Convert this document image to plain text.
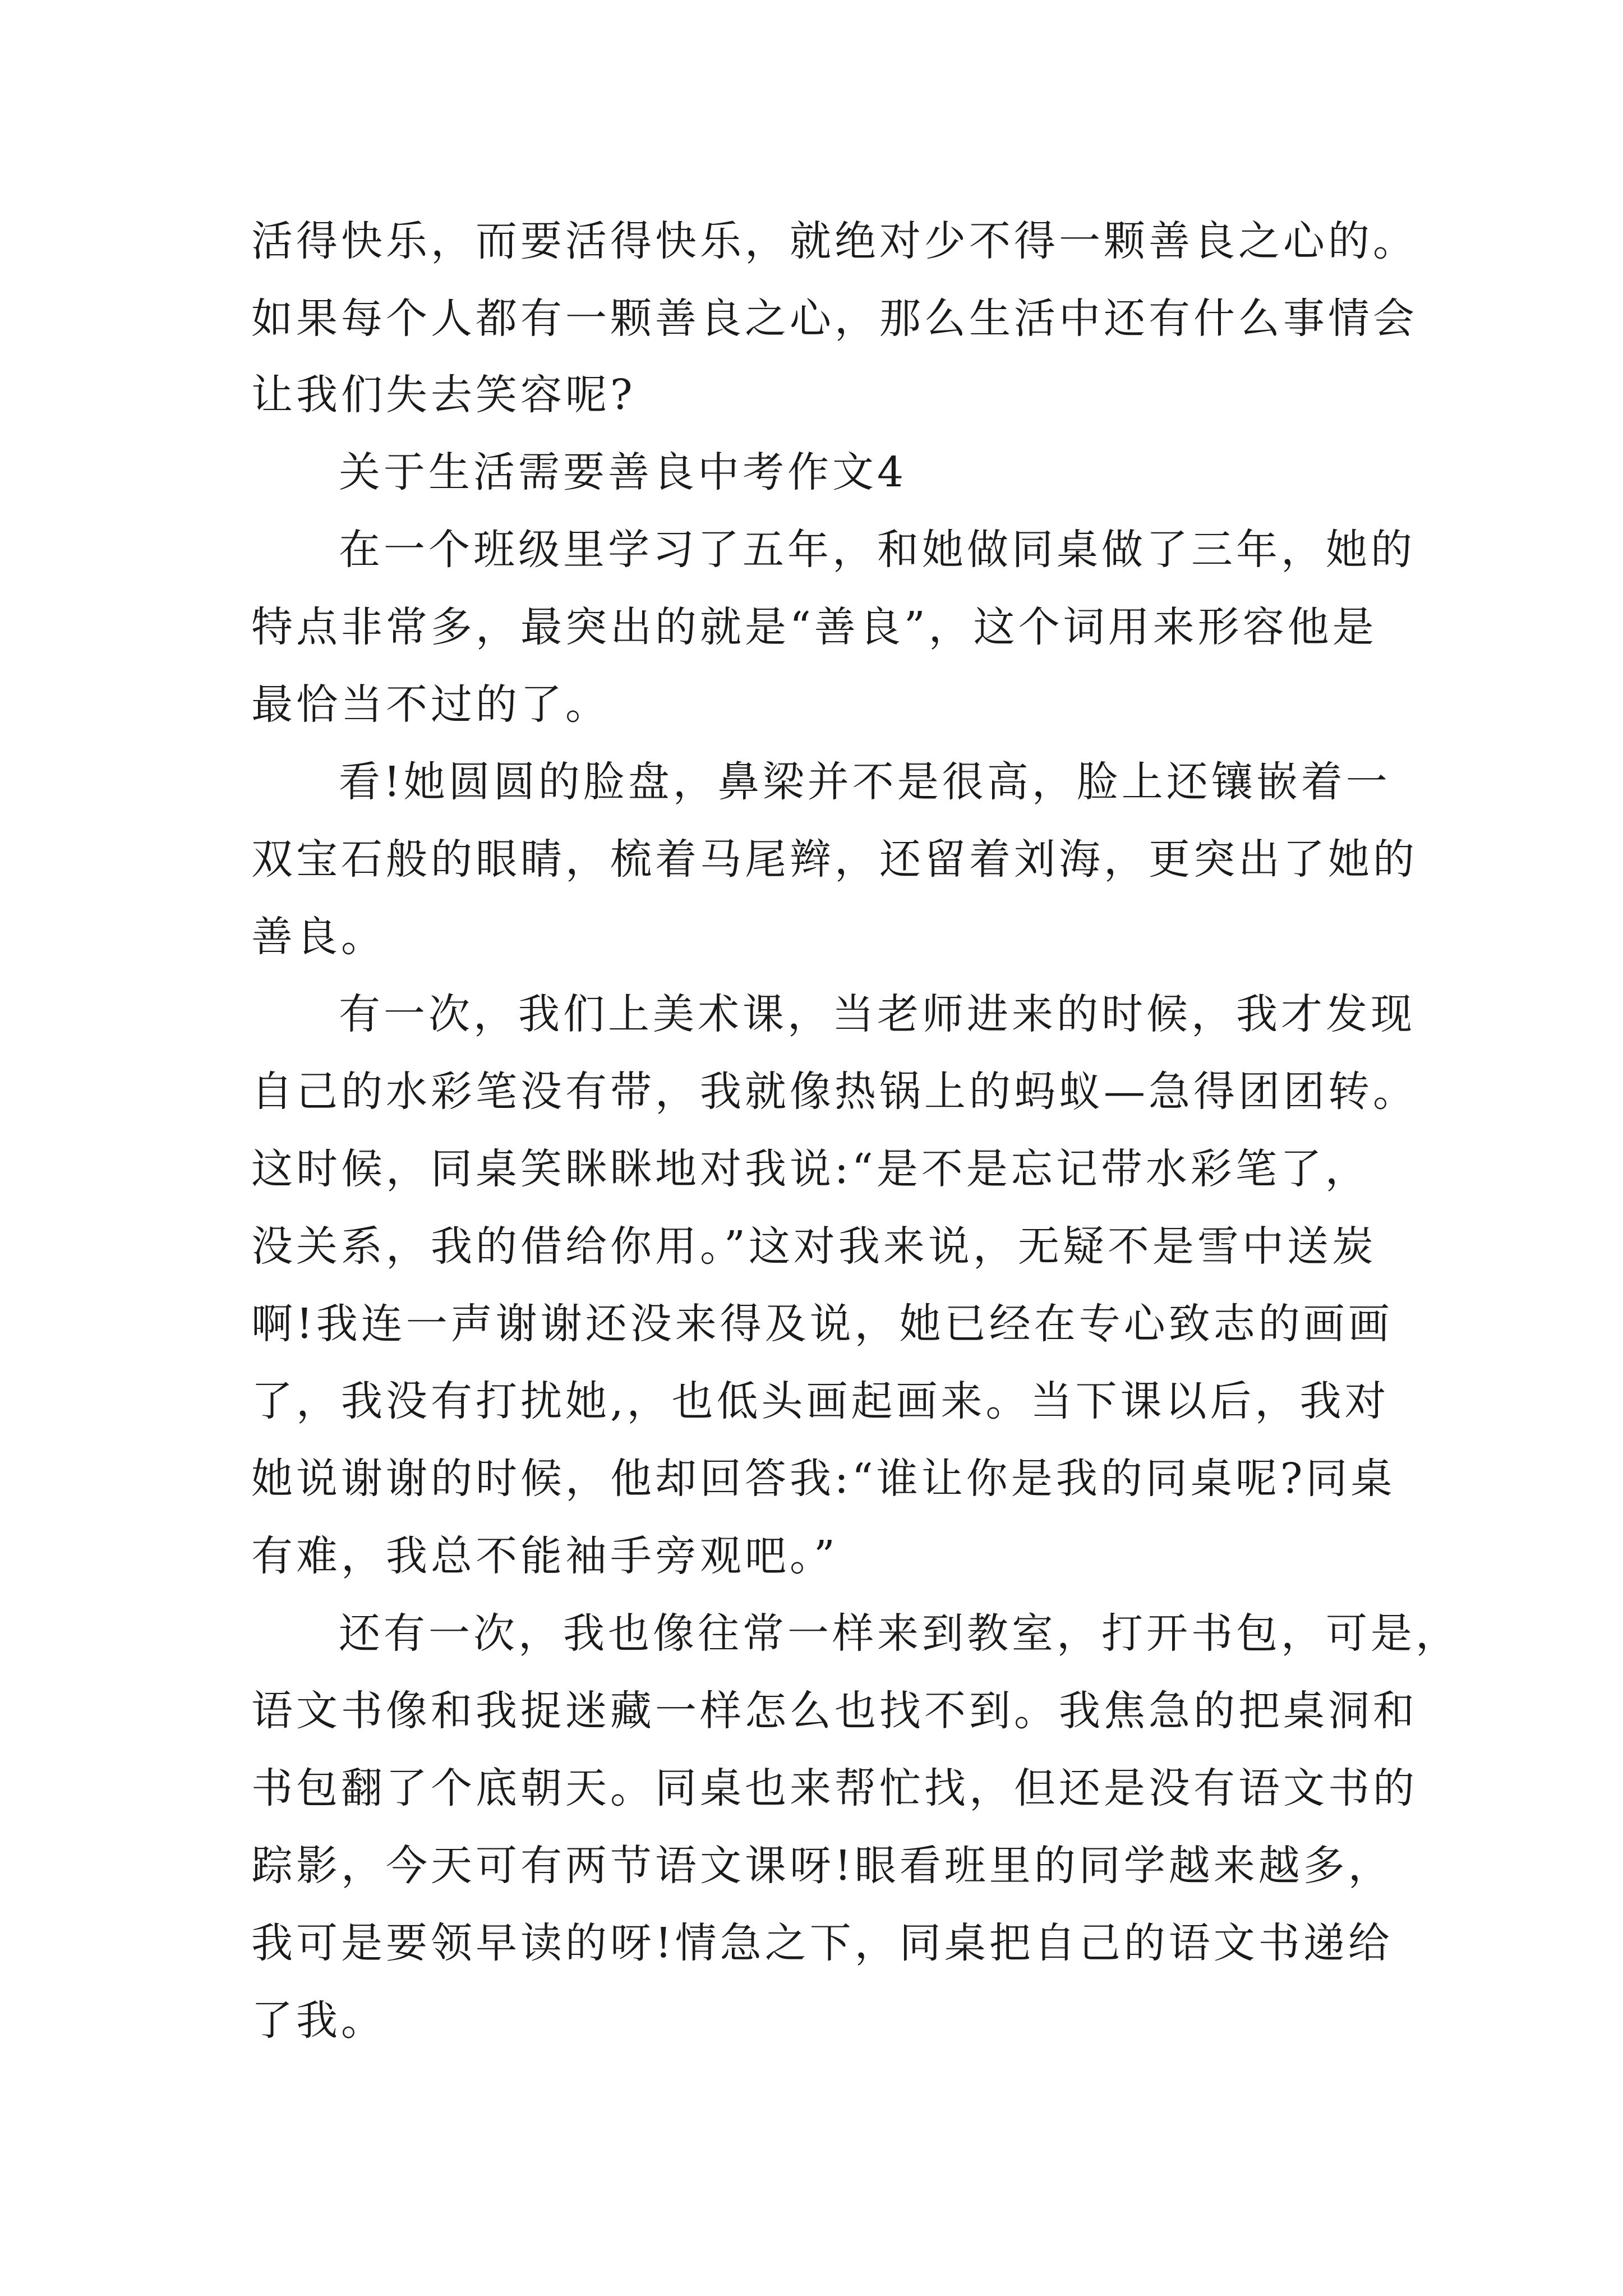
活得快乐，而要活得快乐，就绝对少不得一颗善良之心的。
如果每个人都有一颗善良之心，那么生活中还有什么事情会
让我们失去笑容呢?
关于生活需要善良中考作文4
在一个班级里学习了五年，和她做同桌做了三年，她的
特点非常多，最突出的就是“善良”，这个词用来形容他是
最恰当不过的了。
看!她圆圆的脸盘，鼻梁并不是很高，脸上还镶嵌着一
双宝石般的眼睛，梳着马尾辫，还留着刘海，更突出了她的
善良。
有一次，我们上美术课，当老师进来的时候，我才发现
自己的水彩笔没有带，我就像热锅上的蚂蚁—急得团团转。
这时候，同桌笑眯眯地对我说:“是不是忘记带水彩笔了，
没关系，我的借给你用。”这对我来说，无疑不是雪中送炭
啊!我连一声谢谢还没来得及说，她已经在专心致志的画画
了，我没有打扰她,，也低头画起画来。当下课以后，我对
她说谢谢的时候，他却回答我:“谁让你是我的同桌呢?同桌
有难，我总不能袖手旁观吧。”
还有一次，我也像往常一样来到教室，打开书包，可是，
语文书像和我捉迷藏一样怎么也找不到。我焦急的把桌洞和
书包翻了个底朝天。同桌也来帮忙找，但还是没有语文书的
踪影，今天可有两节语文课呀!眼看班里的同学越来越多，
我可是要领早读的呀!情急之下，同桌把自己的语文书递给
了我。
